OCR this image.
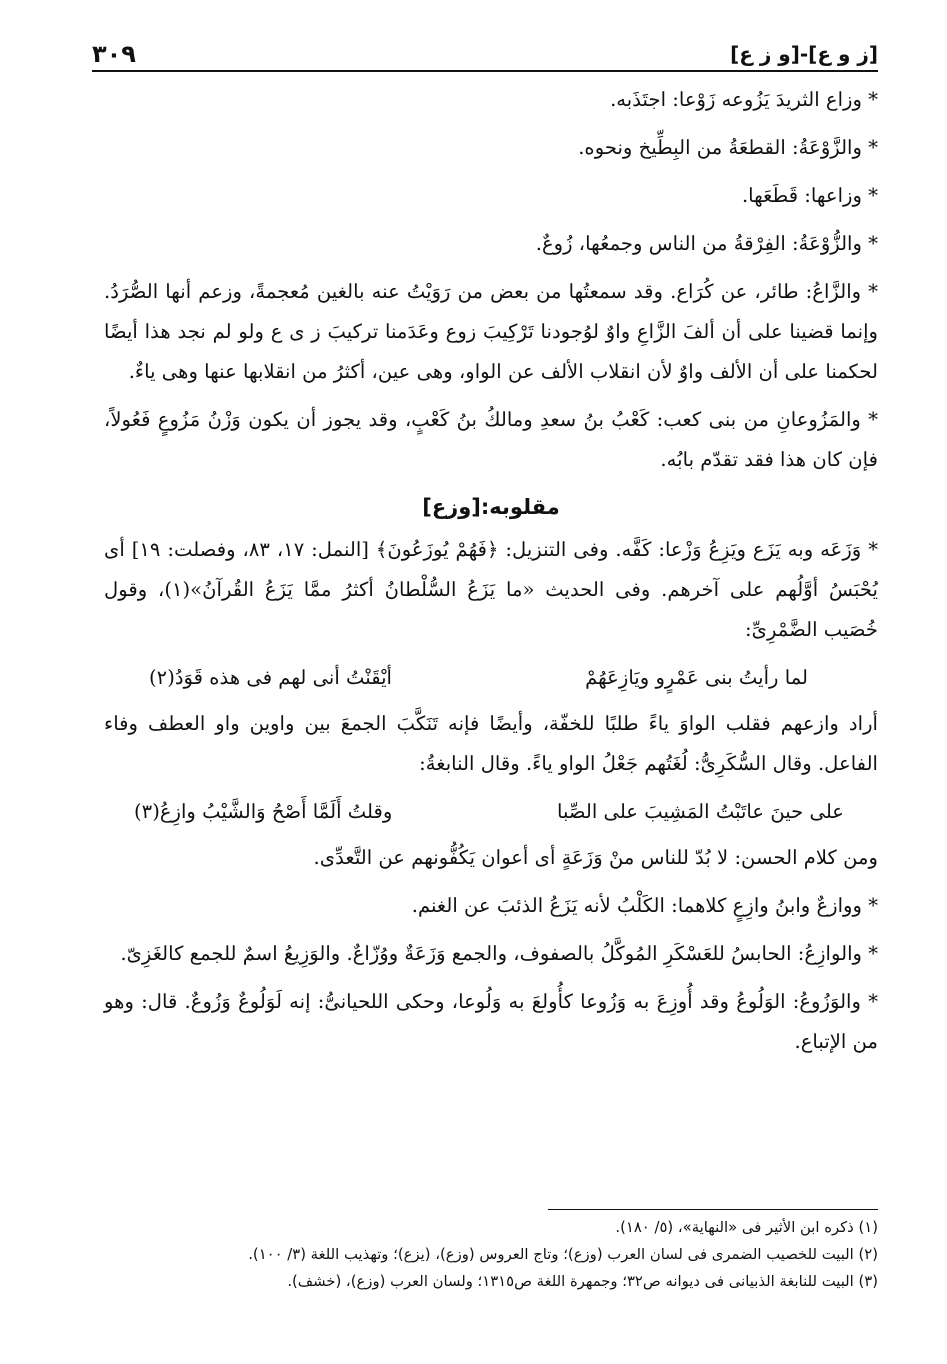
[ز و ع]-[و ز ع]
٣٠٩

* وزاع الثريدَ يَزُوعه زَوْعا: اجتَذَبه.

* والزَّوْعَةُ: القطعَةُ من البِطِّيخ ونحوه.

* وزاعها: قَطَعَها.

* والزُّوْعَةُ: الفِرْقةُ من الناس وجمعُها، زُوعٌ.

* والزَّاعُ: طائر، عن كُرَاع. وقد سمعتُها من بعض من رَوَيْتُ عنه بالغين مُعجمةً، وزعم أنها الصُّرَدُ. وإنما قضينا على أن ألفَ الزَّاعِ واوٌ لوُجودنا تَرْكِيبَ زوع وعَدَمنا تركيبَ ز ى ع ولو لم نجد هذا أيضًا لحكمنا على أن الألف واوٌ لأن انقلاب الألف عن الواو، وهى عين، أكثرُ من انقلابها عنها وهى ياءٌ.

* والمَزُوعانِ من بنى كعب: كَعْبُ بنُ سعدِ ومالكُ بنُ كَعْبٍ، وقد يجوز أن يكون وَزْنُ مَزُوعٍ فَعُولاً، فإن كان هذا فقد تقدّم بابُه.

مقلوبه:[وزع]

* وَزَعَه وبه يَزَع ويَزِعُ وَزْعا: كَفَّه. وفى التنزيل: ﴿فَهُمْ يُوزَعُونَ﴾ [النمل: ١٧، ٨٣، وفصلت: ١٩] أى يُحْبَسُ أوَّلُهم على آخرهم. وفى الحديث «ما يَزَعُ السُّلْطانُ أكثرُ ممَّا يَزَعُ القُرآنُ»(١)، وقول خُصَيب الضَّمْرِىِّ:

لما رأيتُ بنى عَمْرٍو ويَازِعَهُمْ
أيْقَنْتُ أنى لهم فى هذه قَوَدُ(٢)

أراد وازعهم فقلب الواوَ ياءً طلبًا للخفّة، وأيضًا فإنه تَنَكَّبَ الجمعَ بين واوين واو العطف وفاء الفاعل. وقال السُّكَرِىُّ: لُغَتُهم جَعْلُ الواو ياءً. وقال النابغةُ:

على حينَ عاتَبْتُ المَشِيبَ على الصِّبا
وقلتُ أَلَمَّا أَصْحُ وَالشَّيْبُ وازِعُ(٣)

ومن كلام الحسن: لا بُدّ للناس منْ وَزَعَةٍ أى أعوان يَكُفُّونهم عن التَّعدِّى.

* ووازعٌ وابنُ وازِعٍ كلاهما: الكَلْبُ لأنه يَزَعُ الذئبَ عن الغنم.

* والوازِعُ: الحابسُ للعَسْكَرِ المُوكَّلُ بالصفوف، والجمع وَزَعَةٌ ووُزّاعٌ. والوَزِيعُ اسمٌ للجمع كالغَزِىّ.

* والوَزُوعُ: الوَلُوعُ وقد أُوزِعَ به وَزُوعا كأُولعَ به وَلُوعا، وحكى اللحيانىُّ: إنه لَوَلُوعٌ وَزُوعٌ. قال: وهو من الإتباع.

(١) ذكره ابن الأثير فى «النهاية»، (٥/ ١٨٠).
(٢) البيت للخصيب الضمرى فى لسان العرب (وزع)؛ وتاج العروس (وزع)، (يزع)؛ وتهذيب اللغة (٣/ ١٠٠).
(٣) البيت للنابغة الذبيانى فى ديوانه ص٣٢؛ وجمهرة اللغة ص١٣١٥؛ ولسان العرب (وزع)، (خشف).
